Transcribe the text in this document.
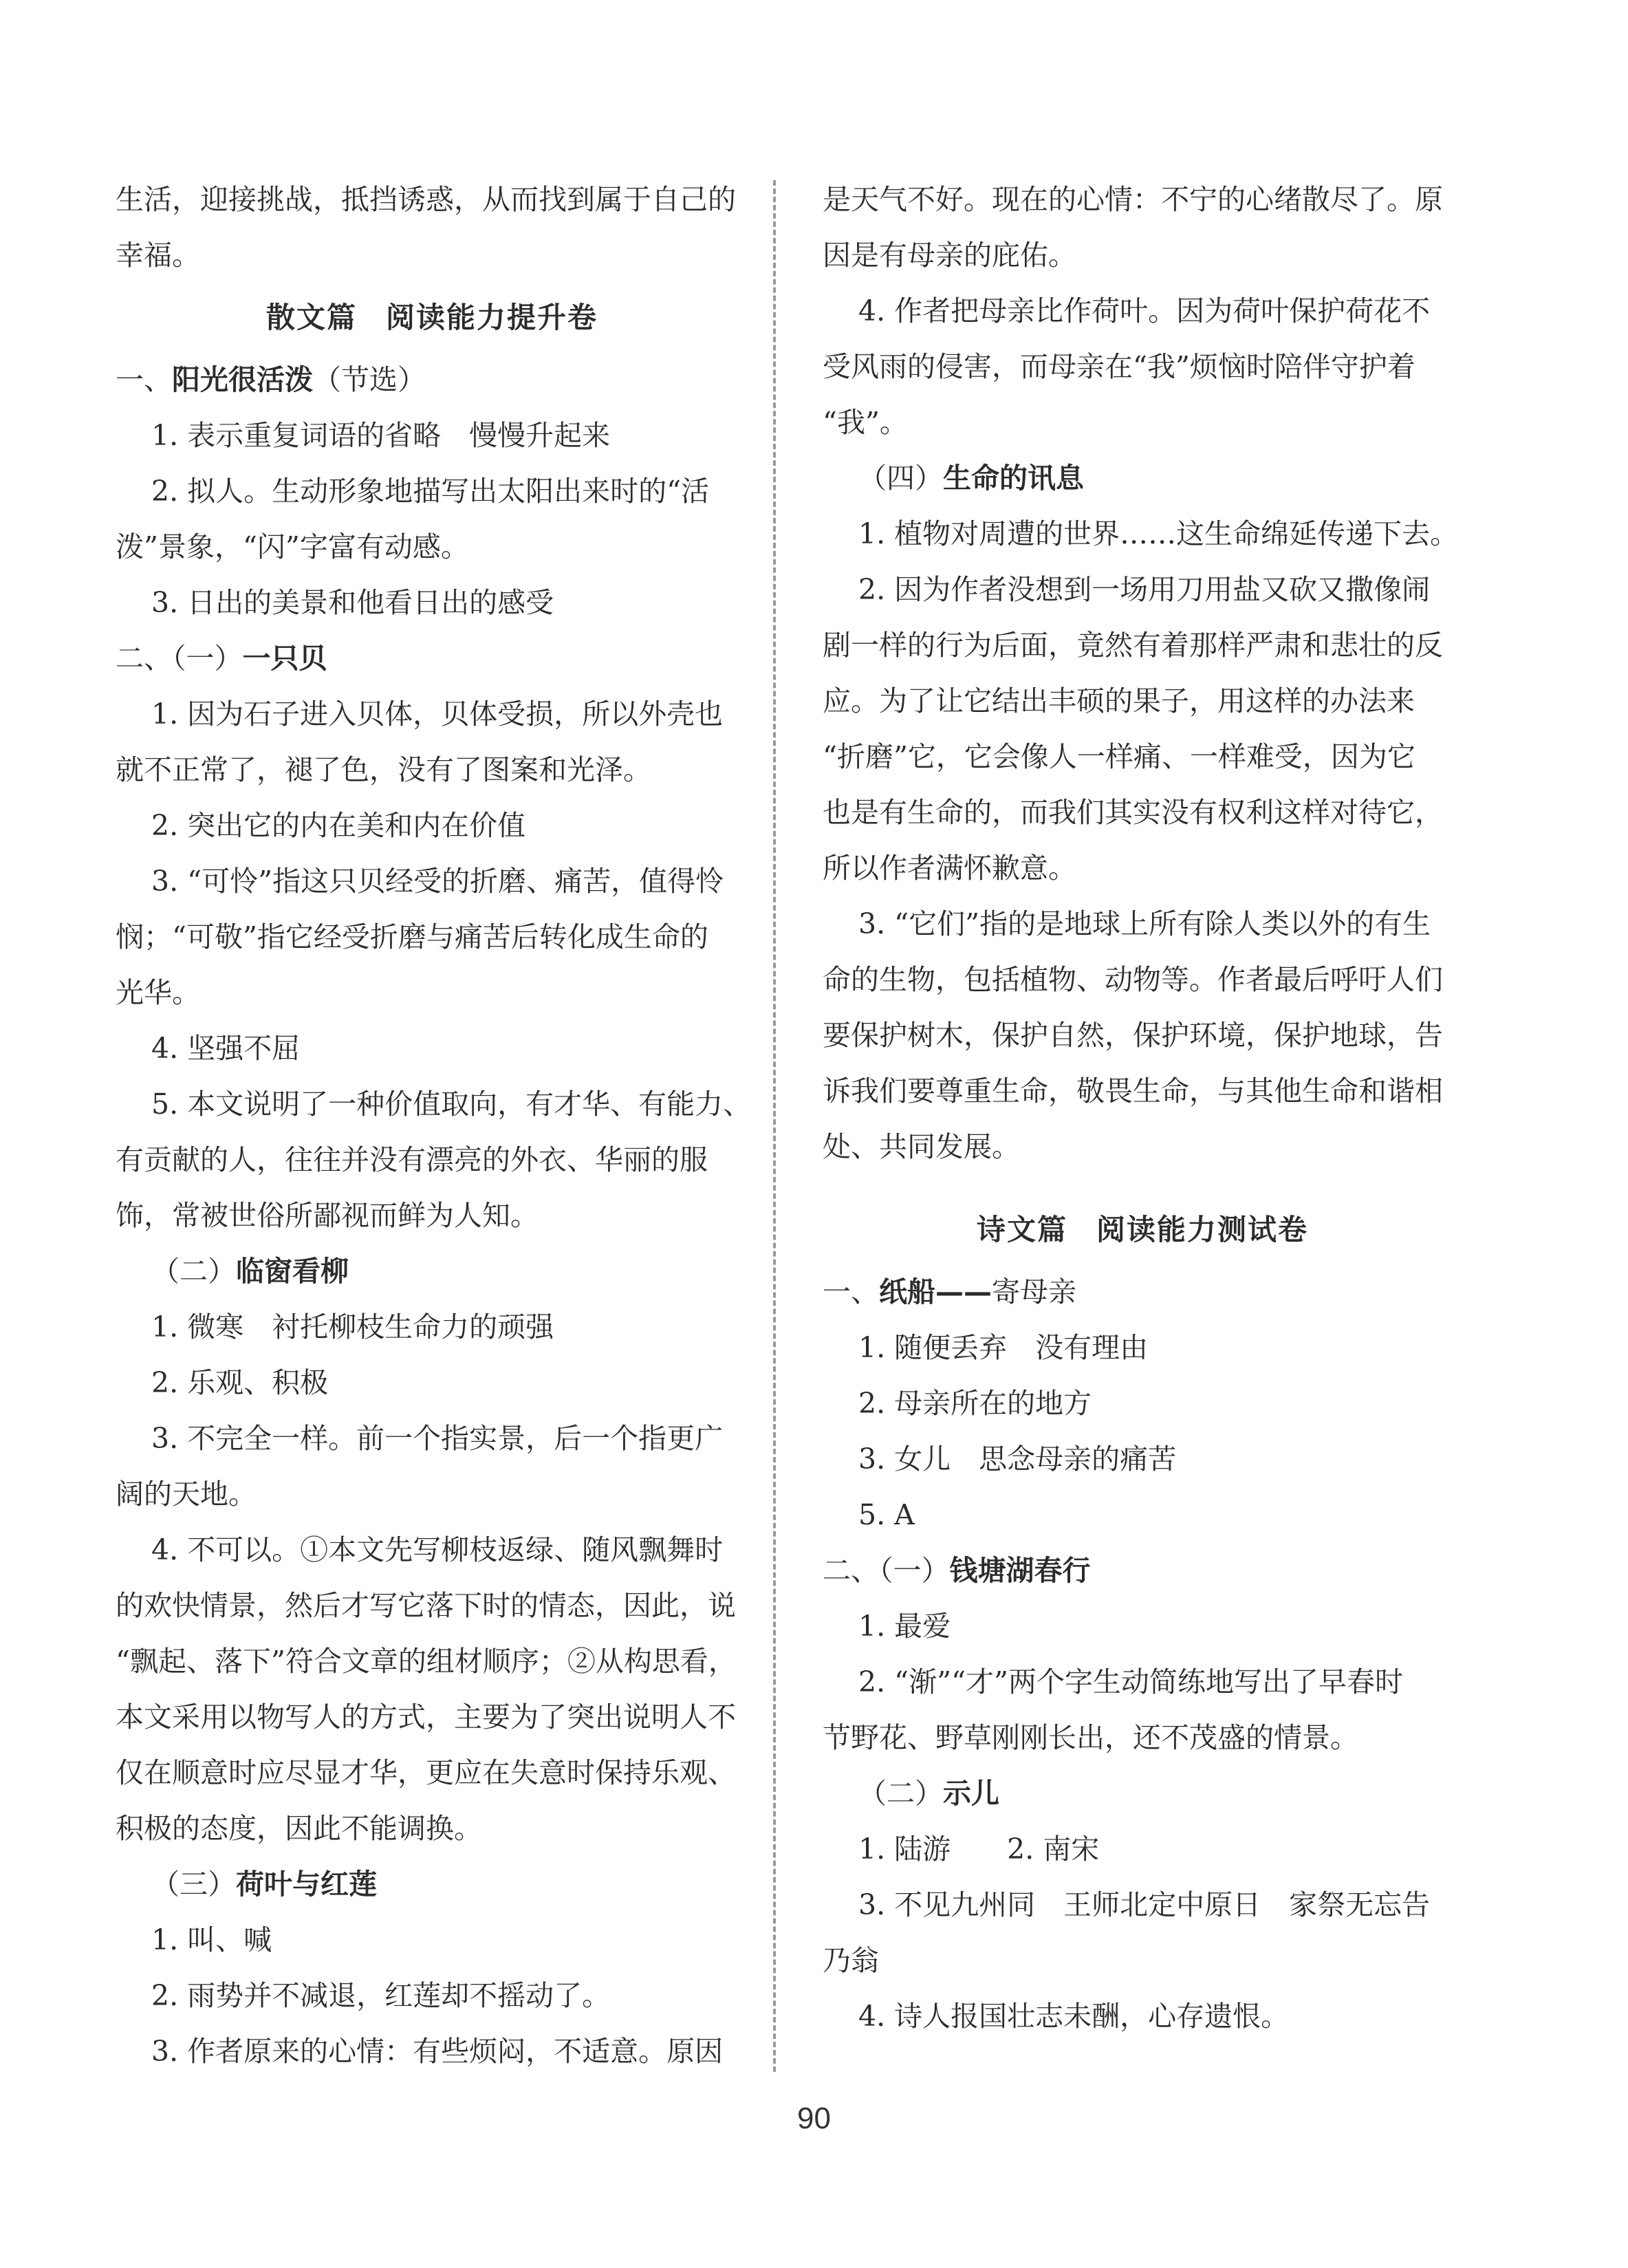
生活，迎接挑战，抵挡诱惑，从而找到属于自己的
幸福。
散文篇 阅读能力提升卷
一、阳光很活泼（节选）
1. 表示重复词语的省略　慢慢升起来
2. 拟人。生动形象地描写出太阳出来时的“活
泼”景象，“闪”字富有动感。
3. 日出的美景和他看日出的感受
二、（一）一只贝
1. 因为石子进入贝体，贝体受损，所以外壳也
就不正常了，褪了色，没有了图案和光泽。
2. 突出它的内在美和内在价值
3. “可怜”指这只贝经受的折磨、痛苦，值得怜
悯；“可敬”指它经受折磨与痛苦后转化成生命的
光华。
4. 坚强不屈
5. 本文说明了一种价值取向，有才华、有能力、
有贡献的人，往往并没有漂亮的外衣、华丽的服
饰，常被世俗所鄙视而鲜为人知。
（二）临窗看柳
1. 微寒　衬托柳枝生命力的顽强
2. 乐观、积极
3. 不完全一样。前一个指实景，后一个指更广
阔的天地。
4. 不可以。①本文先写柳枝返绿、随风飘舞时
的欢快情景，然后才写它落下时的情态，因此，说
“飘起、落下”符合文章的组材顺序；②从构思看，
本文采用以物写人的方式，主要为了突出说明人不
仅在顺意时应尽显才华，更应在失意时保持乐观、
积极的态度，因此不能调换。
（三）荷叶与红莲
1. 叫、喊
2. 雨势并不减退，红莲却不摇动了。
3. 作者原来的心情：有些烦闷，不适意。原因
是天气不好。现在的心情：不宁的心绪散尽了。原
因是有母亲的庇佑。
4. 作者把母亲比作荷叶。因为荷叶保护荷花不
受风雨的侵害，而母亲在“我”烦恼时陪伴守护着
“我”。
（四）生命的讯息
1. 植物对周遭的世界……这生命绵延传递下去。
2. 因为作者没想到一场用刀用盐又砍又撒像闹
剧一样的行为后面，竟然有着那样严肃和悲壮的反
应。为了让它结出丰硕的果子，用这样的办法来
“折磨”它，它会像人一样痛、一样难受，因为它
也是有生命的，而我们其实没有权利这样对待它，
所以作者满怀歉意。
3. “它们”指的是地球上所有除人类以外的有生
命的生物，包括植物、动物等。作者最后呼吁人们
要保护树木，保护自然，保护环境，保护地球，告
诉我们要尊重生命，敬畏生命，与其他生命和谐相
处、共同发展。
诗文篇 阅读能力测试卷
一、纸船——寄母亲
1. 随便丢弃　没有理由
2. 母亲所在的地方
3. 女儿　思念母亲的痛苦
5. A
二、（一）钱塘湖春行
1. 最爱
2. “渐”“才”两个字生动简练地写出了早春时
节野花、野草刚刚长出，还不茂盛的情景。
（二）示儿
1. 陆游　　2. 南宋
3. 不见九州同　王师北定中原日　家祭无忘告
乃翁
4. 诗人报国壮志未酬，心存遗恨。
90
